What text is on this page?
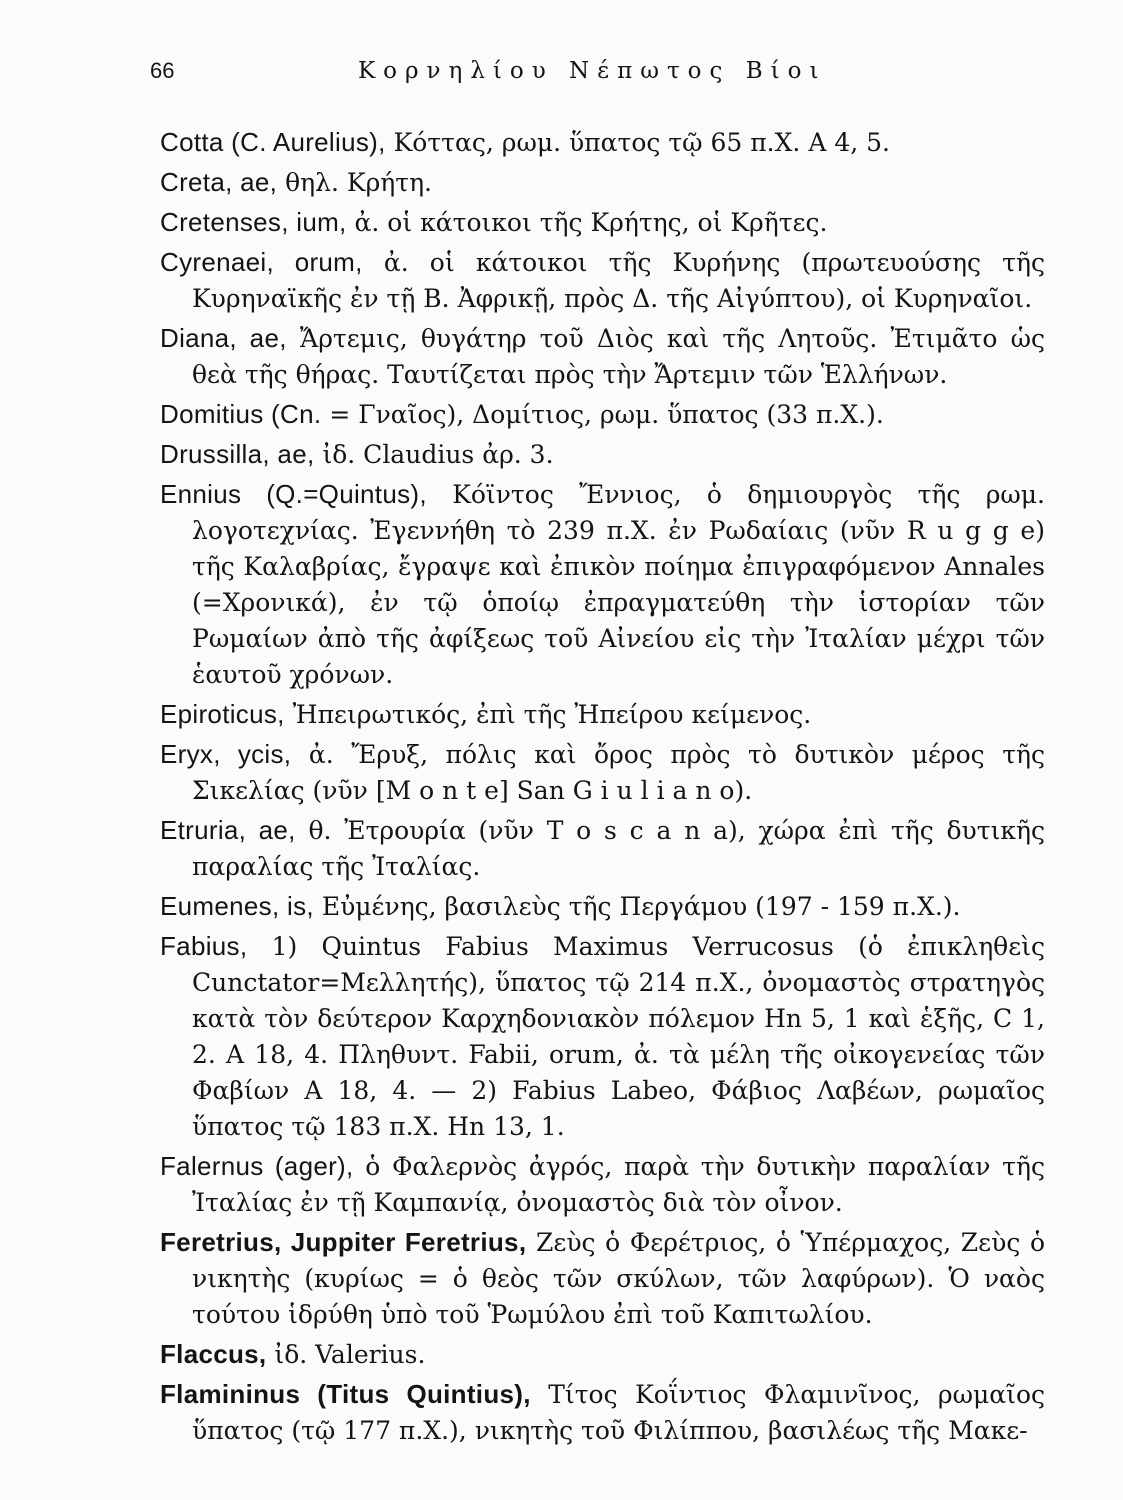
66	Κορνηλίου Νέπωτος Βίοι

Cotta (C. Aurelius), Κόττας, ρωμ. ὕπατος τῷ 65 π.Χ. A 4, 5.

Creta, ae, θηλ. Κρήτη.

Cretenses, ium, ἀ. οἱ κάτοικοι τῆς Κρήτης, οἱ Κρῆτες.

Cyrenaei, orum, ἀ. οἱ κάτοικοι τῆς Κυρήνης (πρωτευούσης τῆς Κυρηναϊκῆς ἐν τῇ Β. Ἀφρικῇ, πρὸς Δ. τῆς Αἰγύπτου), οἱ Κυρηναῖοι.

Diana, ae, Ἄρτεμις, θυγάτηρ τοῦ Διὸς καὶ τῆς Λητοῦς. Ἐτιμᾶτο ὡς θεὰ τῆς θήρας. Ταυτίζεται πρὸς τὴν Ἄρτεμιν τῶν Ἑλλήνων.

Domitius (Cn. = Γναῖος), Δομίτιος, ρωμ. ὕπατος (33 π.Χ.).

Drussilla, ae, ἰδ. Claudius ἀρ. 3.

Ennius (Q.=Quintus), Κόϊντος Ἔννιος, ὁ δημιουργὸς τῆς ρωμ. λογοτεχνίας. Ἐγεννήθη τὸ 239 π.Χ. ἐν Ρωδαίαις (νῦν R u g g e) τῆς Καλαβρίας, ἔγραψε καὶ ἐπικὸν ποίημα ἐπιγραφόμενον Annales (=Χρονικά), ἐν τῷ ὁποίῳ ἐπραγματεύθη τὴν ἱστορίαν τῶν Ρωμαίων ἀπὸ τῆς ἀφίξεως τοῦ Αἰνείου εἰς τὴν Ἰταλίαν μέχρι τῶν ἑαυτοῦ χρόνων.

Epiroticus, Ἠπειρωτικός, ἐπὶ τῆς Ἠπείρου κείμενος.

Eryx, ycis, ἀ. Ἔρυξ, πόλις καὶ ὄρος πρὸς τὸ δυτικὸν μέρος τῆς Σικελίας (νῦν [M o n t e] San G i u l i a n o).

Etruria, ae, θ. Ἐτρουρία (νῦν T o s c a n a), χώρα ἐπὶ τῆς δυτικῆς παραλίας τῆς Ἰταλίας.

Eumenes, is, Εὐμένης, βασιλεὺς τῆς Περγάμου (197 - 159 π.Χ.).

Fabius, 1) Quintus Fabius Maximus Verrucosus (ὁ ἐπικληθεὶς Cunctator=Μελλητής), ὕπατος τῷ 214 π.Χ., ὀνομαστὸς στρατηγὸς κατὰ τὸν δεύτερον Καρχηδονιακὸν πόλεμον Hn 5, 1 καὶ ἑξῆς, C 1, 2. A 18, 4. Πληθυντ. Fabii, orum, ἀ. τὰ μέλη τῆς οἰκογενείας τῶν Φαβίων A 18, 4. — 2) Fabius Labeo, Φάβιος Λαβέων, ρωμαῖος ὕπατος τῷ 183 π.Χ. Hn 13, 1.

Falernus (ager), ὁ Φαλερνὸς ἀγρός, παρὰ τὴν δυτικὴν παραλίαν τῆς Ἰταλίας ἐν τῇ Καμπανίᾳ, ὀνομαστὸς διὰ τὸν οἶνον.

Feretrius, Juppiter Feretrius, Ζεὺς ὁ Φερέτριος, ὁ Ὑπέρμαχος, Ζεὺς ὁ νικητὴς (κυρίως = ὁ θεὸς τῶν σκύλων, τῶν λαφύρων). Ὁ ναὸς τούτου ἱδρύθη ὑπὸ τοῦ Ῥωμύλου ἐπὶ τοῦ Καπιτωλίου.

Flaccus, ἰδ. Valerius.

Flamininus (Titus Quintius), Τίτος Κοΐντιος Φλαμινῖνος, ρωμαῖος ὕπατος (τῷ 177 π.Χ.), νικητὴς τοῦ Φιλίππου, βασιλέως τῆς Μακε-
